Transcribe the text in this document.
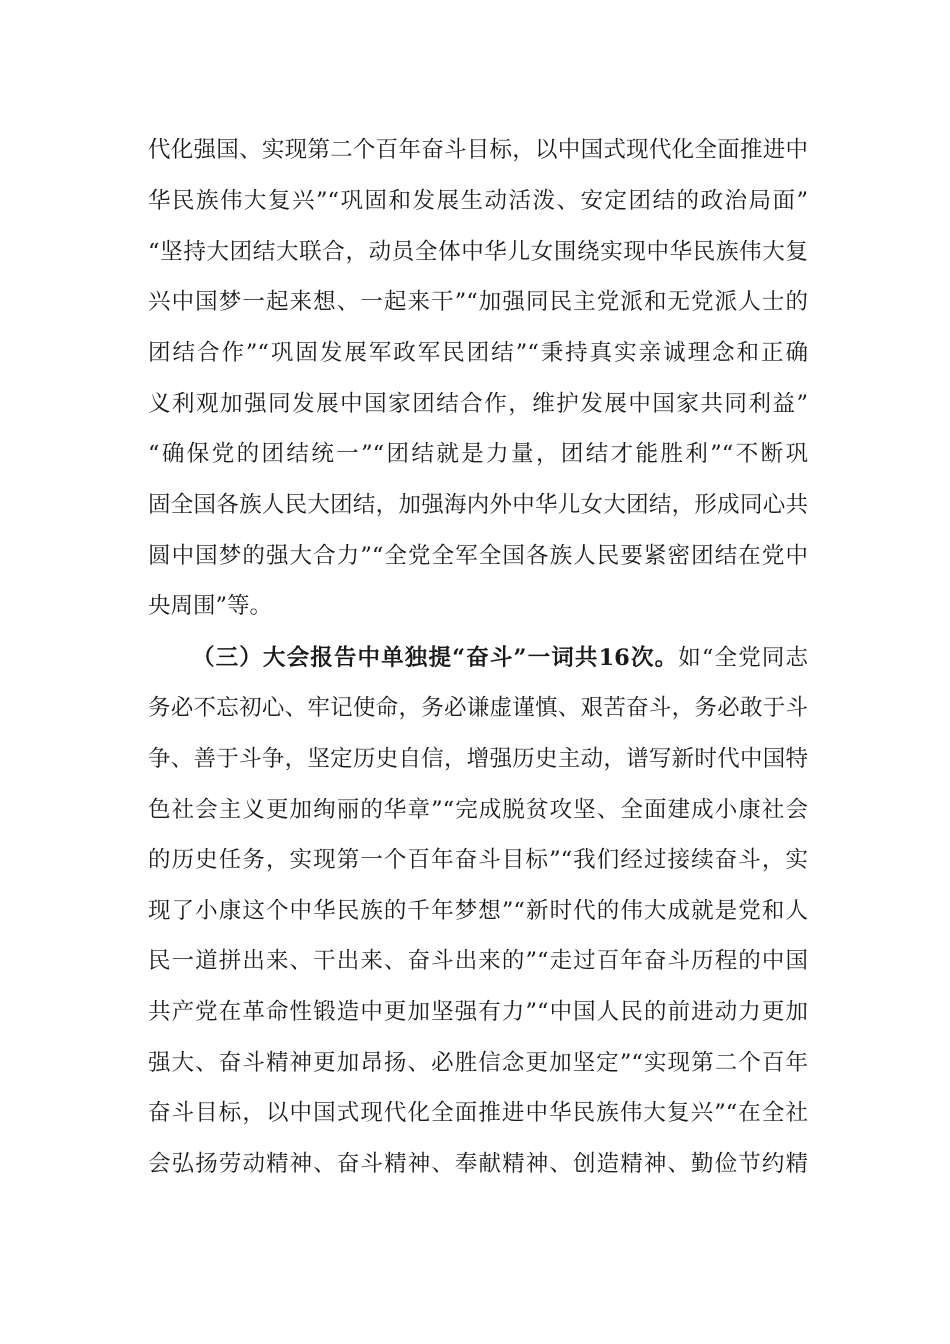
代化强国、实现第二个百年奋斗目标，以中国式现代化全面推进中
华民族伟大复兴”“巩固和发展生动活泼、安定团结的政治局面”
“坚持大团结大联合，动员全体中华儿女围绕实现中华民族伟大复
兴中国梦一起来想、一起来干”“加强同民主党派和无党派人士的
团结合作”“巩固发展军政军民团结”“秉持真实亲诚理念和正确
义利观加强同发展中国家团结合作，维护发展中国家共同利益”
“确保党的团结统一”“团结就是力量，团结才能胜利”“不断巩
固全国各族人民大团结，加强海内外中华儿女大团结，形成同心共
圆中国梦的强大合力”“全党全军全国各族人民要紧密团结在党中
央周围”等。
（三）大会报告中单独提“奋斗”一词共16次。如“全党同志
务必不忘初心、牢记使命，务必谦虚谨慎、艰苦奋斗，务必敢于斗
争、善于斗争，坚定历史自信，增强历史主动，谱写新时代中国特
色社会主义更加绚丽的华章”“完成脱贫攻坚、全面建成小康社会
的历史任务，实现第一个百年奋斗目标”“我们经过接续奋斗，实
现了小康这个中华民族的千年梦想”“新时代的伟大成就是党和人
民一道拼出来、干出来、奋斗出来的”“走过百年奋斗历程的中国
共产党在革命性锻造中更加坚强有力”“中国人民的前进动力更加
强大、奋斗精神更加昂扬、必胜信念更加坚定”“实现第二个百年
奋斗目标，以中国式现代化全面推进中华民族伟大复兴”“在全社
会弘扬劳动精神、奋斗精神、奉献精神、创造精神、勤俭节约精
